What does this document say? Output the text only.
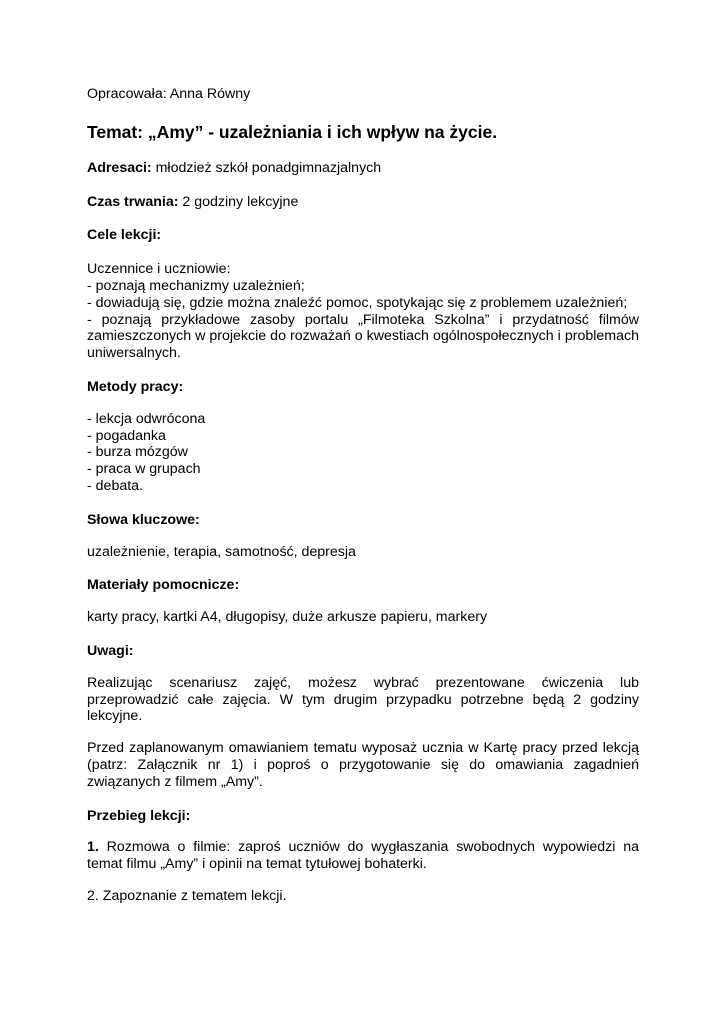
Opracowała: Anna Równy

Temat: „Amy” - uzależniania i ich wpływ na życie.

Adresaci: młodzież szkół ponadgimnazjalnych

Czas trwania: 2 godziny lekcyjne

Cele lekcji:

Uczennice i uczniowie:
- poznają mechanizmy uzależnień;
- dowiadują się, gdzie można znaleźć pomoc, spotykając się z problemem uzależnień;
- poznają przykładowe zasoby portalu „Filmoteka Szkolna” i przydatność filmów zamieszczonych w projekcie do rozważań o kwestiach ogólnospołecznych i problemach uniwersalnych.

Metody pracy:

- lekcja odwrócona
- pogadanka
- burza mózgów
- praca w grupach
- debata.

Słowa kluczowe:

uzależnienie, terapia, samotność, depresja

Materiały pomocnicze:

karty pracy, kartki A4, długopisy, duże arkusze papieru, markery

Uwagi:

Realizując scenariusz zajęć, możesz wybrać prezentowane ćwiczenia lub przeprowadzić całe zajęcia. W tym drugim przypadku potrzebne będą 2 godziny lekcyjne.

Przed zaplanowanym omawianiem tematu wyposaż ucznia w Kartę pracy przed lekcją (patrz: Załącznik nr 1) i poproś o przygotowanie się do omawiania zagadnień związanych z filmem „Amy”.

Przebieg lekcji:

1. Rozmowa o filmie: zaproś uczniów do wygłaszania swobodnych wypowiedzi na temat filmu „Amy” i opinii na temat tytułowej bohaterki.

2. Zapoznanie z tematem lekcji.
